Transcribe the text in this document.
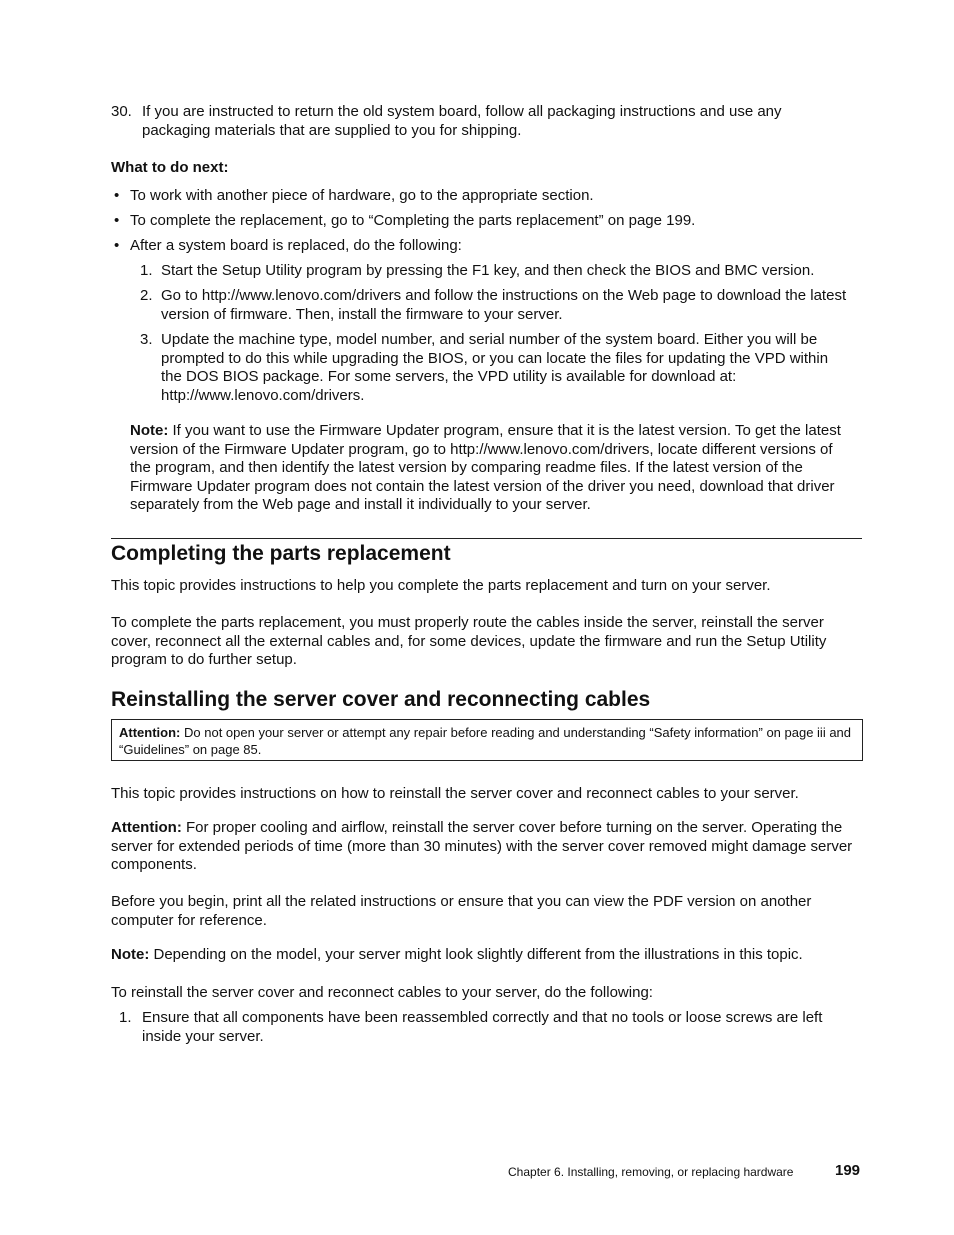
30. If you are instructed to return the old system board, follow all packaging instructions and use any packaging materials that are supplied to you for shipping.

What to do next:

• To work with another piece of hardware, go to the appropriate section.

• To complete the replacement, go to “Completing the parts replacement” on page 199.

• After a system board is replaced, do the following:

1. Start the Setup Utility program by pressing the F1 key, and then check the BIOS and BMC version.

2. Go to http://www.lenovo.com/drivers and follow the instructions on the Web page to download the latest version of firmware. Then, install the firmware to your server.

3. Update the machine type, model number, and serial number of the system board. Either you will be prompted to do this while upgrading the BIOS, or you can locate the files for updating the VPD within the DOS BIOS package. For some servers, the VPD utility is available for download at: http://www.lenovo.com/drivers.

Note: If you want to use the Firmware Updater program, ensure that it is the latest version. To get the latest version of the Firmware Updater program, go to http://www.lenovo.com/drivers, locate different versions of the program, and then identify the latest version by comparing readme files. If the latest version of the Firmware Updater program does not contain the latest version of the driver you need, download that driver separately from the Web page and install it individually to your server.

Completing the parts replacement

This topic provides instructions to help you complete the parts replacement and turn on your server.

To complete the parts replacement, you must properly route the cables inside the server, reinstall the server cover, reconnect all the external cables and, for some devices, update the firmware and run the Setup Utility program to do further setup.

Reinstalling the server cover and reconnecting cables
Attention: Do not open your server or attempt any repair before reading and understanding “Safety information” on page iii and “Guidelines” on page 85.

This topic provides instructions on how to reinstall the server cover and reconnect cables to your server.

Attention: For proper cooling and airflow, reinstall the server cover before turning on the server. Operating the server for extended periods of time (more than 30 minutes) with the server cover removed might damage server components.

Before you begin, print all the related instructions or ensure that you can view the PDF version on another computer for reference.

Note: Depending on the model, your server might look slightly different from the illustrations in this topic.

To reinstall the server cover and reconnect cables to your server, do the following:

1. Ensure that all components have been reassembled correctly and that no tools or loose screws are left inside your server.

Chapter 6. Installing, removing, or replacing hardware	199
